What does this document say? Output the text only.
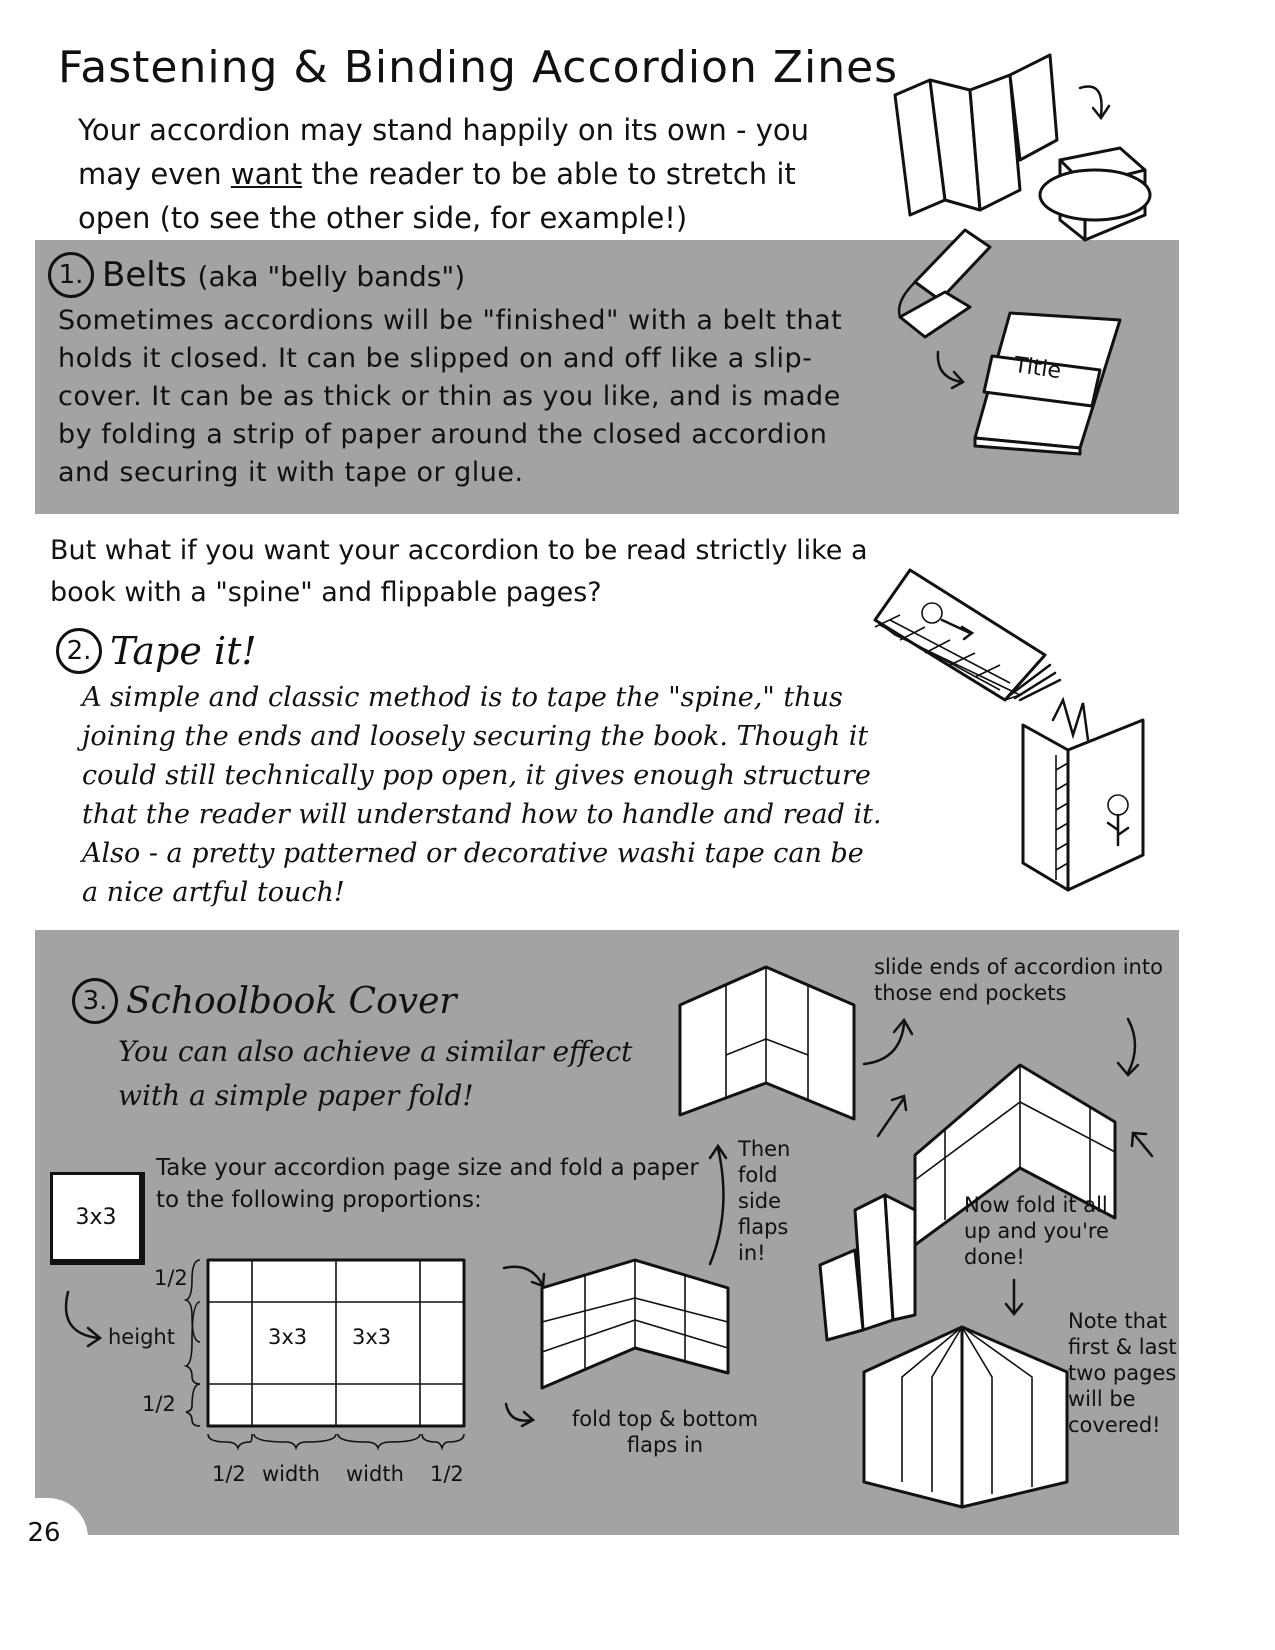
Fastening & Binding Accordion Zines

Your accordion may stand happily on its own - you may even want the reader to be able to stretch it open (to see the other side, for example!)

1. Belts (aka "belly bands")

Sometimes accordions will be "finished" with a belt that holds it closed. It can be slipped on and off like a slip-cover. It can be as thick or thin as you like, and is made by folding a strip of paper around the closed accordion and securing it with tape or glue.

But what if you want your accordion to be read strictly like a book with a "spine" and flippable pages?

2. Tape it!

A simple and classic method is to tape the "spine," thus joining the ends and loosely securing the book. Though it could still technically pop open, it gives enough structure that the reader will understand how to handle and read it. Also - a pretty patterned or decorative washi tape can be a nice artful touch!

3. Schoolbook Cover

You can also achieve a similar effect with a simple paper fold!

Take your accordion page size and fold a paper to the following proportions:

Title
3x3
3x3 3x3
1/2
height
1/2
1/2 width width 1/2

fold top & bottom flaps in

Then fold side flaps in!

slide ends of accordion into those end pockets

Now fold it all up and you're done!

Note that first & last two pages will be covered!

26
